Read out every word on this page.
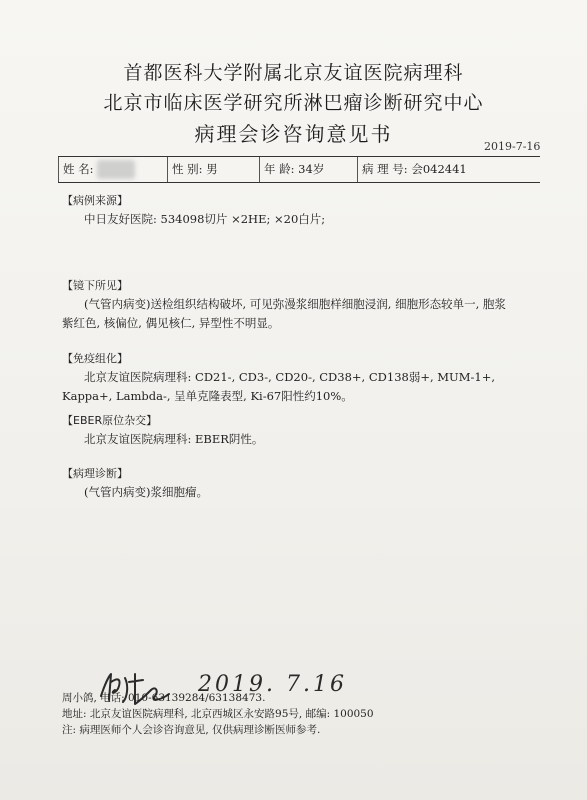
首都医科大学附属北京友谊医院病理科
北京市临床医学研究所淋巴瘤诊断研究中心
病理会诊咨询意见书
2019-7-16
姓 名:	性 别: 男	年 龄: 34岁	病 理 号: 会042441
【病例来源】
中日友好医院: 534098切片 ×2HE; ×20白片;
【镜下所见】
(气管内病变)送检组织结构破坏, 可见弥漫浆细胞样细胞浸润, 细胞形态较单一, 胞浆
紫红色, 核偏位, 偶见核仁, 异型性不明显。
【免疫组化】
北京友谊医院病理科: CD21-, CD3-, CD20-, CD38+, CD138弱+, MUM-1+,
Kappa+, Lambda-, 呈单克隆表型, Ki-67阳性约10%。
【EBER原位杂交】
北京友谊医院病理科: EBER阴性。
【病理诊断】
(气管内病变)浆细胞瘤。
2019. 7.16
周小鸽, 电话: 010-63139284/63138473.
地址: 北京友谊医院病理科, 北京西城区永安路95号, 邮编: 100050
注: 病理医师个人会诊咨询意见, 仅供病理诊断医师参考.
